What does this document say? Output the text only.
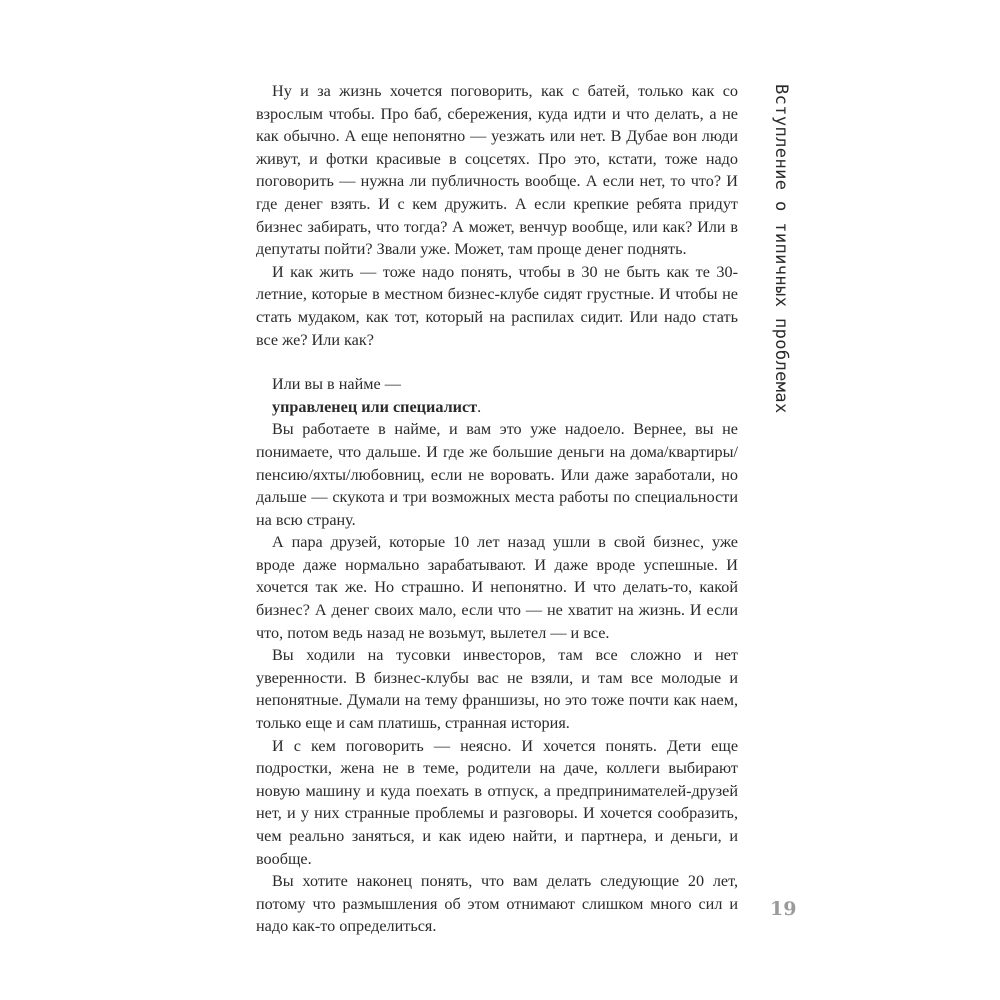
Ну и за жизнь хочется поговорить, как с батей, только как со взрослым чтобы. Про баб, сбережения, куда идти и что делать, а не как обычно. А еще непонятно — уезжать или нет. В Дубае вон люди живут, и фотки красивые в соцсетях. Про это, кстати, тоже надо поговорить — нужна ли публичность вообще. А если нет, то что? И где денег взять. И с кем дружить. А если крепкие ребята придут бизнес забирать, что тогда? А может, венчур вообще, или как? Или в депутаты пойти? Звали уже. Может, там проще денег поднять.

И как жить — тоже надо понять, чтобы в 30 не быть как те 30-летние, которые в местном бизнес-клубе сидят грустные. И чтобы не стать мудаком, как тот, который на распилах сидит. Или надо стать все же? Или как?

Или вы в найме —

управленец или специалист.

Вы работаете в найме, и вам это уже надоело. Вернее, вы не понимаете, что дальше. И где же большие деньги на дома/квартиры/пенсию/яхты/любовниц, если не воровать. Или даже заработали, но дальше — скукота и три возможных места работы по специальности на всю страну.

А пара друзей, которые 10 лет назад ушли в свой бизнес, уже вроде даже нормально зарабатывают. И даже вроде успешные. И хочется так же. Но страшно. И непонятно. И что делать-то, какой бизнес? А денег своих мало, если что — не хватит на жизнь. И если что, потом ведь назад не возьмут, вылетел — и все.

Вы ходили на тусовки инвесторов, там все сложно и нет уверенности. В бизнес-клубы вас не взяли, и там все молодые и непонятные. Думали на тему франшизы, но это тоже почти как наем, только еще и сам платишь, странная история.

И с кем поговорить — неясно. И хочется понять. Дети еще подростки, жена не в теме, родители на даче, коллеги выбирают новую машину и куда поехать в отпуск, а предпринимателей-друзей нет, и у них странные проблемы и разговоры. И хочется сообразить, чем реально заняться, и как идею найти, и партнера, и деньги, и вообще.

Вы хотите наконец понять, что вам делать следующие 20 лет, потому что размышления об этом отнимают слишком много сил и надо как-то определиться.

Вступление о типичных проблемах
19
